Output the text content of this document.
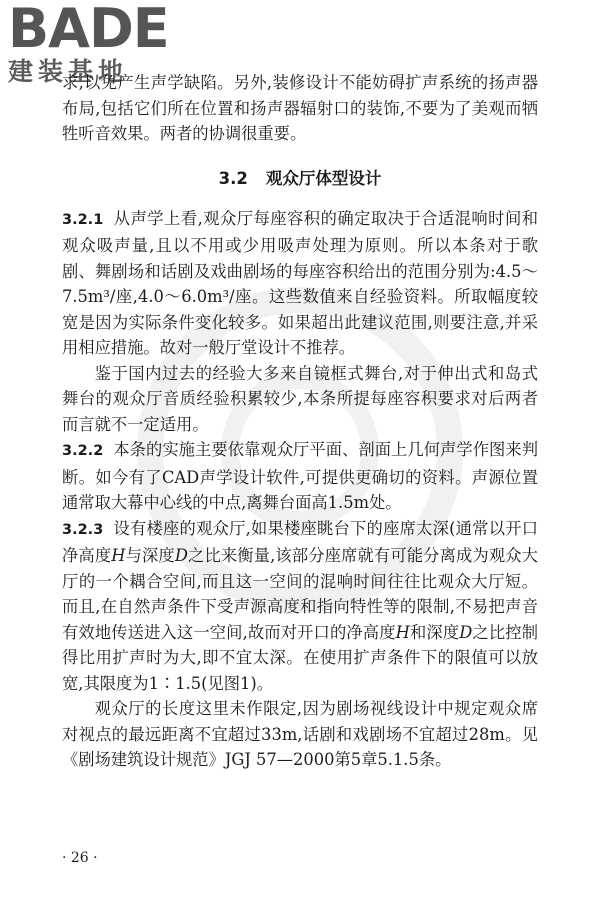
BADE
建装基地

求,以免产生声学缺陷。另外,装修设计不能妨碍扩声系统的扬声器布局,包括它们所在位置和扬声器辐射口的装饰,不要为了美观而牺牲听音效果。两者的协调很重要。

3.2 观众厅体型设计

3.2.1 从声学上看,观众厅每座容积的确定取决于合适混响时间和观众吸声量,且以不用或少用吸声处理为原则。所以本条对于歌剧、舞剧场和话剧及戏曲剧场的每座容积给出的范围分别为:4.5～7.5m³/座,4.0～6.0m³/座。这些数值来自经验资料。所取幅度较宽是因为实际条件变化较多。如果超出此建议范围,则要注意,并采用相应措施。故对一般厅堂设计不推荐。

鉴于国内过去的经验大多来自镜框式舞台,对于伸出式和岛式舞台的观众厅音质经验积累较少,本条所提每座容积要求对后两者而言就不一定适用。

3.2.2 本条的实施主要依靠观众厅平面、剖面上几何声学作图来判断。如今有了CAD声学设计软件,可提供更确切的资料。声源位置通常取大幕中心线的中点,离舞台面高1.5m处。

3.2.3 设有楼座的观众厅,如果楼座眺台下的座席太深(通常以开口净高度H与深度D之比来衡量,该部分座席就有可能分离成为观众大厅的一个耦合空间,而且这一空间的混响时间往往比观众大厅短。而且,在自然声条件下受声源高度和指向特性等的限制,不易把声音有效地传送进入这一空间,故而对开口的净高度H和深度D之比控制得比用扩声时为大,即不宜太深。在使用扩声条件下的限值可以放宽,其限度为1∶1.5(见图1)。

观众厅的长度这里未作限定,因为剧场视线设计中规定观众席对视点的最远距离不宜超过33m,话剧和戏剧场不宜超过28m。见《剧场建筑设计规范》JGJ 57—2000第5章5.1.5条。

· 26 ·
